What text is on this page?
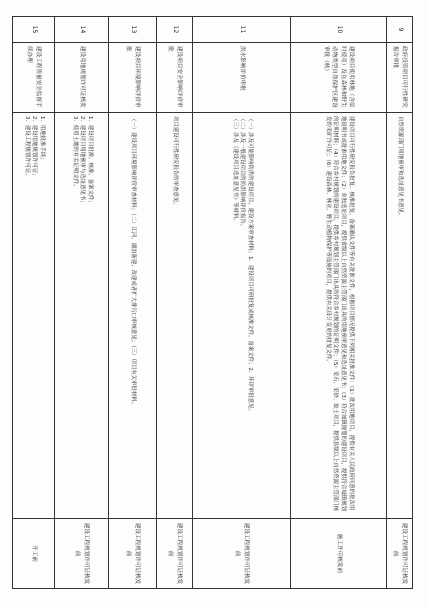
9	政府投资项目可行性研究报告审批	自然资源部门用地预审和选址意见书意见。	建设工程规划许可证核发前
10	建设项目使用林地（含临时使用）及在森林和野生动物类型自然保护区建设审批（核）	建设项目可行性研究报告批复、核准批复、备案确认文件等有关批准文件，根据项目情况提供下列相关批准文件：（1）批次用地项目，提供有关人民政府同意的批次用地说明书或批准用地文件；（2）单独选址项目，提供省级以上自然资源主管部门出具的用地预审意见和选址意见书；（3）符合城镇规划的建设项目，提供符合城镇规划的证明材料；（4）符合乡村规划的建设项目，提供乡村规划主管部门出具的符合乡村规划的证明文件；（5）采石、采砂、取土项目，提供县级以上自然资源主管部门核发的采矿许可证；（6）建设森林、林业、野生动植物保护等设施的项目，提供有关设计变更的批复文件。	施工许可核发前
11	洪水影响评价审批	（一）涉及可能影响防洪的建设项目，建设方案审查材料；1．建设项目可研批复或核准文件、备案文件；2．环评审批意见。
（二）涉及一般建设项目的防洪影响评价报告。
（三）涉及《建设项目选址意见书》等材料。	建设工程规划许可证核发前
12	建设项目安全影响评价审批	项目建设可行性研究报告的审查意见。	建设工程规划许可证核发前
13	建设项目环境影响评价审批	（一）建设项目环境影响评价审查材料；（二）江河、湖泊新建、改建或者扩大排污口审核意见；（三）项目有关审批材料。	建设工程规划许可证核发前
14	建设用地规划许可证核发	1．建设项目批准、核准、备案文件；
2．建设项目用地预审与选址意见书；
3．使用土地的有关证明文件。	建设工程规划许可证核发前
15	建设工程质量安全监督手续办理	1．用地批准手续；
2．建设用地规划许可证；
3．建设工程规划许可证。	开工前
